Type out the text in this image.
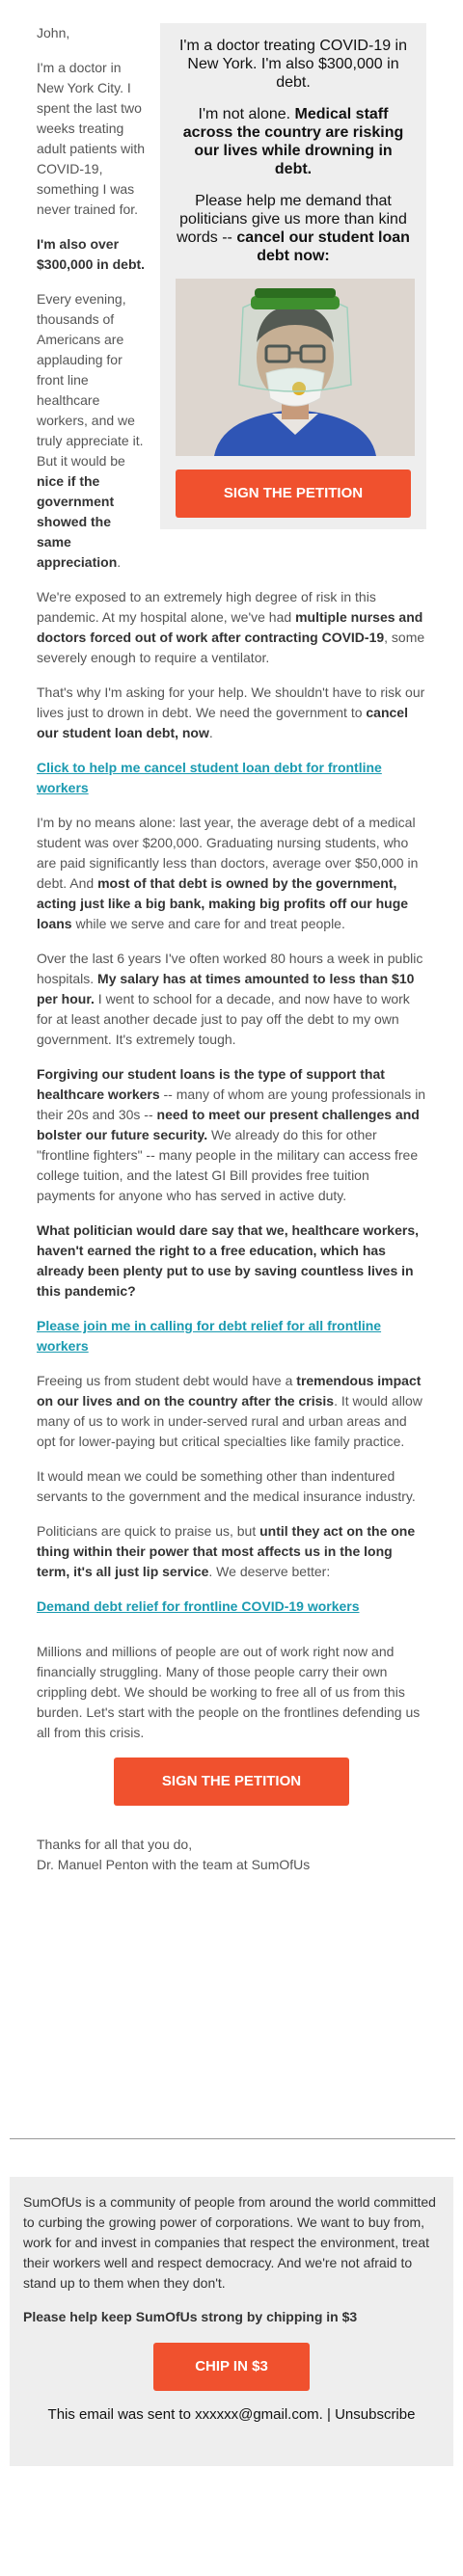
I'm a doctor treating COVID-19 in New York. I'm also $300,000 in debt.

I'm not alone. Medical staff across the country are risking our lives while drowning in debt.

Please help me demand that politicians give us more than kind words -- cancel our student loan debt now:

SIGN THE PETITION

John,

I'm a doctor in New York City. I spent the last two weeks treating adult patients with COVID-19, something I was never trained for.

I'm also over $300,000 in debt.

Every evening, thousands of Americans are applauding for front line healthcare workers, and we truly appreciate it. But it would be nice if the government showed the same appreciation.

We're exposed to an extremely high degree of risk in this pandemic. At my hospital alone, we've had multiple nurses and doctors forced out of work after contracting COVID-19, some severely enough to require a ventilator.

That's why I'm asking for your help. We shouldn't have to risk our lives just to drown in debt. We need the government to cancel our student loan debt, now.

Click to help me cancel student loan debt for frontline workers

I'm by no means alone: last year, the average debt of a medical student was over $200,000. Graduating nursing students, who are paid significantly less than doctors, average over $50,000 in debt. And most of that debt is owned by the government, acting just like a big bank, making big profits off our huge loans while we serve and care for and treat people.

Over the last 6 years I've often worked 80 hours a week in public hospitals. My salary has at times amounted to less than $10 per hour. I went to school for a decade, and now have to work for at least another decade just to pay off the debt to my own government. It's extremely tough.

Forgiving our student loans is the type of support that healthcare workers -- many of whom are young professionals in their 20s and 30s -- need to meet our present challenges and bolster our future security. We already do this for other "frontline fighters" -- many people in the military can access free college tuition, and the latest GI Bill provides free tuition payments for anyone who has served in active duty.

What politician would dare say that we, healthcare workers, haven't earned the right to a free education, which has already been plenty put to use by saving countless lives in this pandemic?

Please join me in calling for debt relief for all frontline workers

Freeing us from student debt would have a tremendous impact on our lives and on the country after the crisis. It would allow many of us to work in under-served rural and urban areas and opt for lower-paying but critical specialties like family practice.

It would mean we could be something other than indentured servants to the government and the medical insurance industry.

Politicians are quick to praise us, but until they act on the one thing within their power that most affects us in the long term, it's all just lip service. We deserve better:

Demand debt relief for frontline COVID-19 workers

Millions and millions of people are out of work right now and financially struggling. Many of those people carry their own crippling debt. We should be working to free all of us from this burden. Let's start with the people on the frontlines defending us all from this crisis.

SIGN THE PETITION

Thanks for all that you do,

Dr. Manuel Penton with the team at SumOfUs

SumOfUs is a community of people from around the world committed to curbing the growing power of corporations. We want to buy from, work for and invest in companies that respect the environment, treat their workers well and respect democracy. And we're not afraid to stand up to them when they don't.

Please help keep SumOfUs strong by chipping in $3

CHIP IN $3

This email was sent to xxxxxx@gmail.com. | Unsubscribe
